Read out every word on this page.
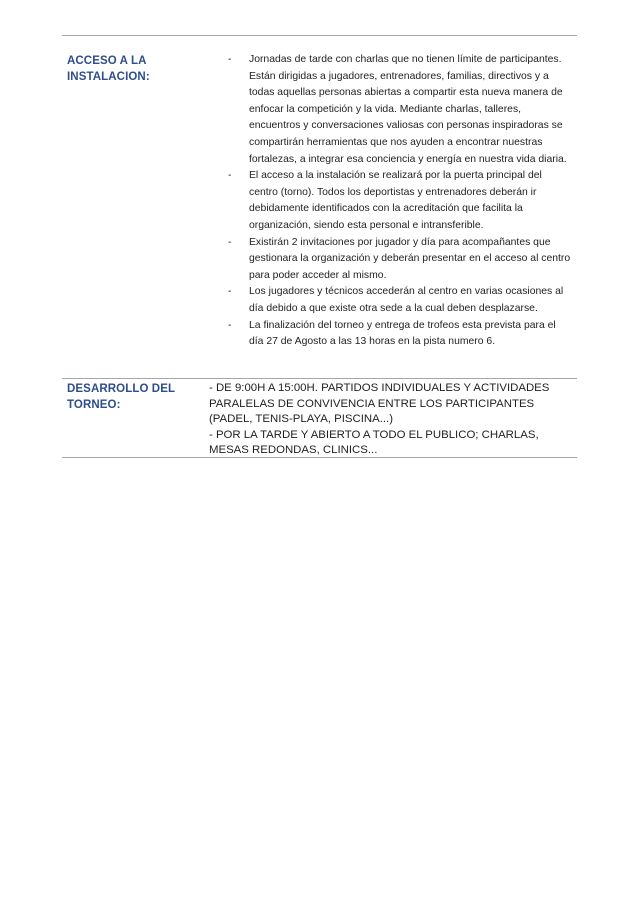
ACCESO A LA INSTALACION:
-	Jornadas de tarde con charlas que no tienen límite de participantes. Están dirigidas a jugadores, entrenadores, familias, directivos y a todas aquellas personas abiertas a compartir esta nueva manera de enfocar la competición y la vida. Mediante charlas, talleres, encuentros y conversaciones valiosas con personas inspiradoras se compartirán herramientas que nos ayuden a encontrar nuestras fortalezas, a integrar esa conciencia y energía en nuestra vida diaria.
-	El acceso a la instalación se realizará por la puerta principal del centro (torno). Todos los deportistas y entrenadores deberán ir debidamente identificados con la acreditación que facilita la organización, siendo esta personal e intransferible.
-	Existirán 2 invitaciones por jugador y día para acompañantes que gestionara la organización y deberán presentar en el acceso al centro para poder acceder al mismo.
-	Los jugadores y técnicos accederán al centro en varias ocasiones al día debido a que existe otra sede a la cual deben desplazarse.
-	La finalización del torneo y entrega de trofeos esta prevista para el día 27 de Agosto a las 13 horas en la pista numero 6.
DESARROLLO DEL TORNEO:

- DE 9:00H A 15:00H. PARTIDOS INDIVIDUALES Y ACTIVIDADES PARALELAS DE CONVIVENCIA ENTRE LOS PARTICIPANTES (PADEL, TENIS-PLAYA, PISCINA...)

- POR LA TARDE Y ABIERTO A TODO EL PUBLICO; CHARLAS, MESAS REDONDAS, CLINICS...
